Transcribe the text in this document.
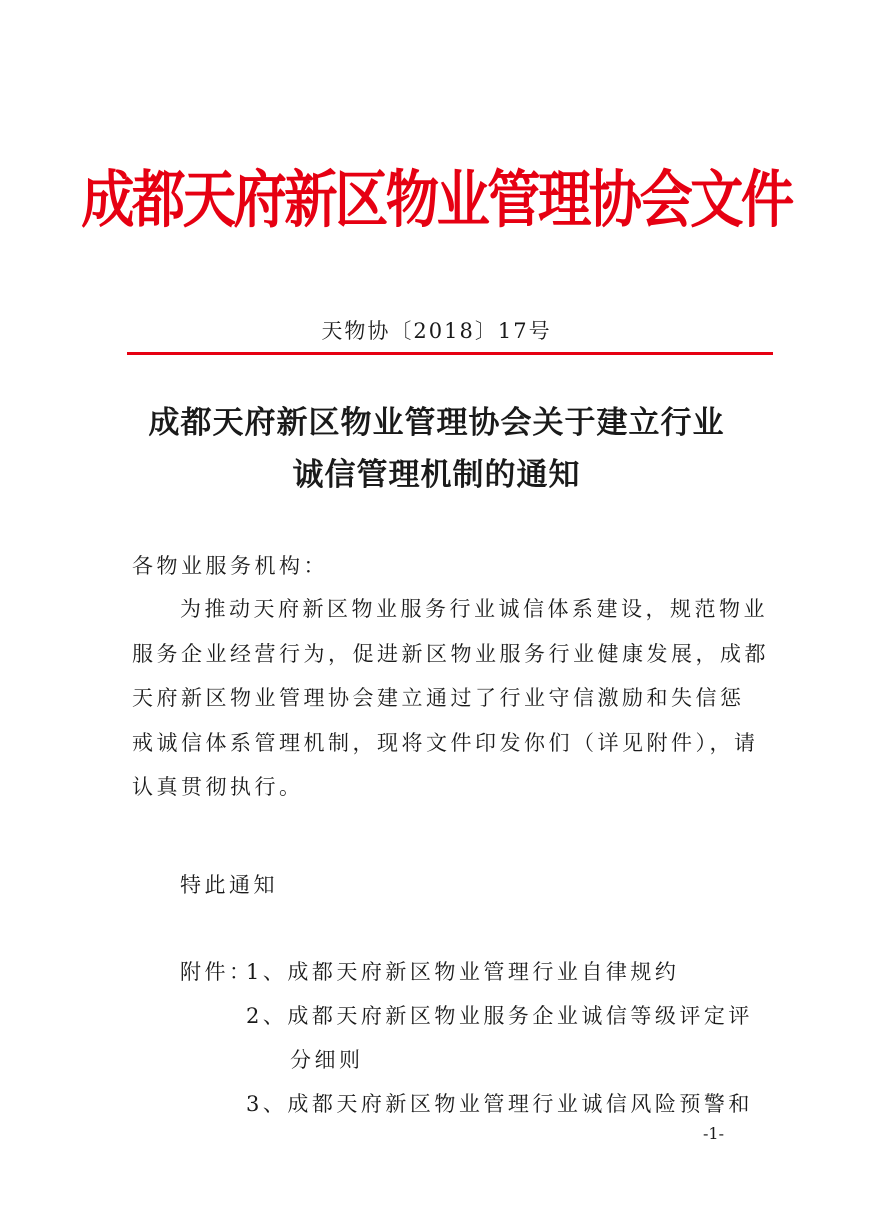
成都天府新区物业管理协会文件
天物协〔2018〕17号
成都天府新区物业管理协会关于建立行业
诚信管理机制的通知
各物业服务机构：
为推动天府新区物业服务行业诚信体系建设，规范物业
服务企业经营行为，促进新区物业服务行业健康发展，成都
天府新区物业管理协会建立通过了行业守信激励和失信惩
戒诚信体系管理机制，现将文件印发你们（详见附件），请
认真贯彻执行。
特此通知
附件：
1、成都天府新区物业管理行业自律规约
2、成都天府新区物业服务企业诚信等级评定评
分细则
3、成都天府新区物业管理行业诚信风险预警和
-1-
